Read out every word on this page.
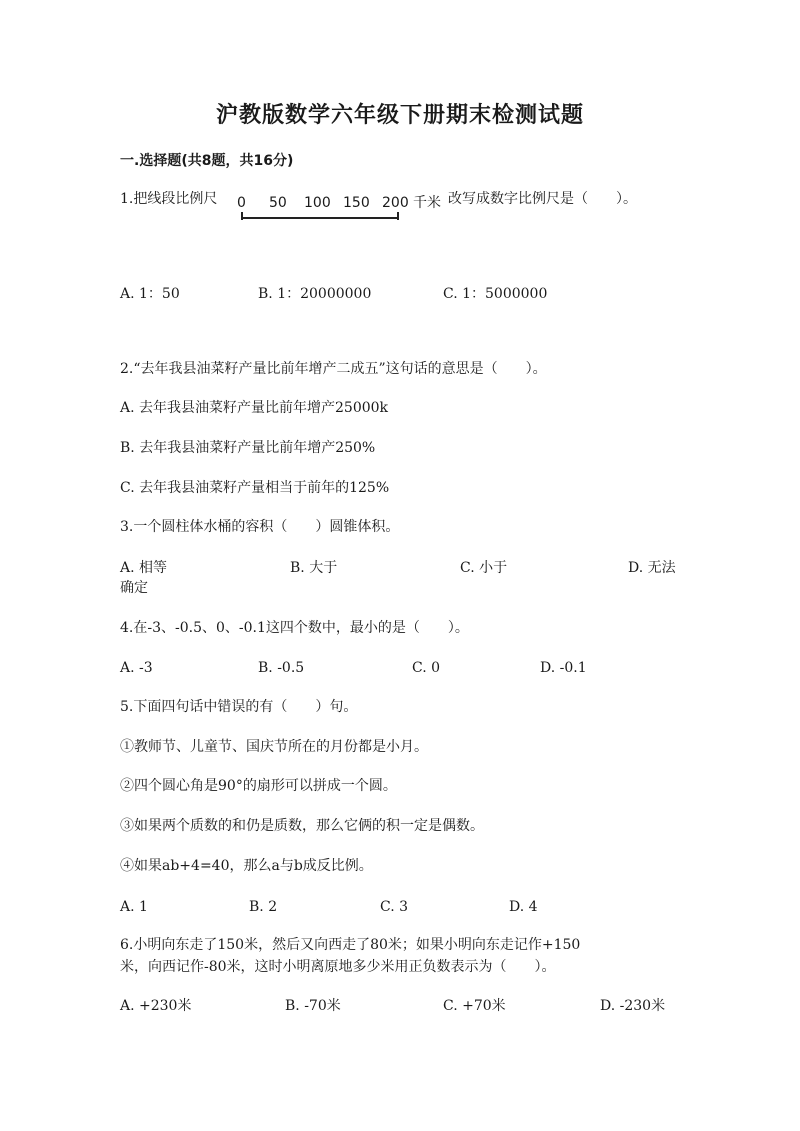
沪教版数学六年级下册期末检测试题
一.选择题(共8题，共16分)
1.把线段比例尺 0 50 100 150 200 千米 改写成数字比例尺是（　　）。
A. 1：50	B. 1：20000000	C. 1：5000000
2.“去年我县油菜籽产量比前年增产二成五”这句话的意思是（　　）。
A. 去年我县油菜籽产量比前年增产25000k
B. 去年我县油菜籽产量比前年增产250%
C. 去年我县油菜籽产量相当于前年的125%
3.一个圆柱体水桶的容积（　　）圆锥体积。
A. 相等	B. 大于	C. 小于	D. 无法
确定
4.在-3、-0.5、0、-0.1这四个数中，最小的是（　　）。
A. -3	B. -0.5	C. 0	D. -0.1
5.下面四句话中错误的有（　　）句。
①教师节、儿童节、国庆节所在的月份都是小月。
②四个圆心角是90°的扇形可以拼成一个圆。
③如果两个质数的和仍是质数，那么它俩的积一定是偶数。
④如果ab+4=40，那么a与b成反比例。
A. 1	B. 2	C. 3	D. 4
6.小明向东走了150米，然后又向西走了80米；如果小明向东走记作+150
米，向西记作-80米，这时小明离原地多少米用正负数表示为（　　）。
A. +230米	B. -70米	C. +70米	D. -230米
